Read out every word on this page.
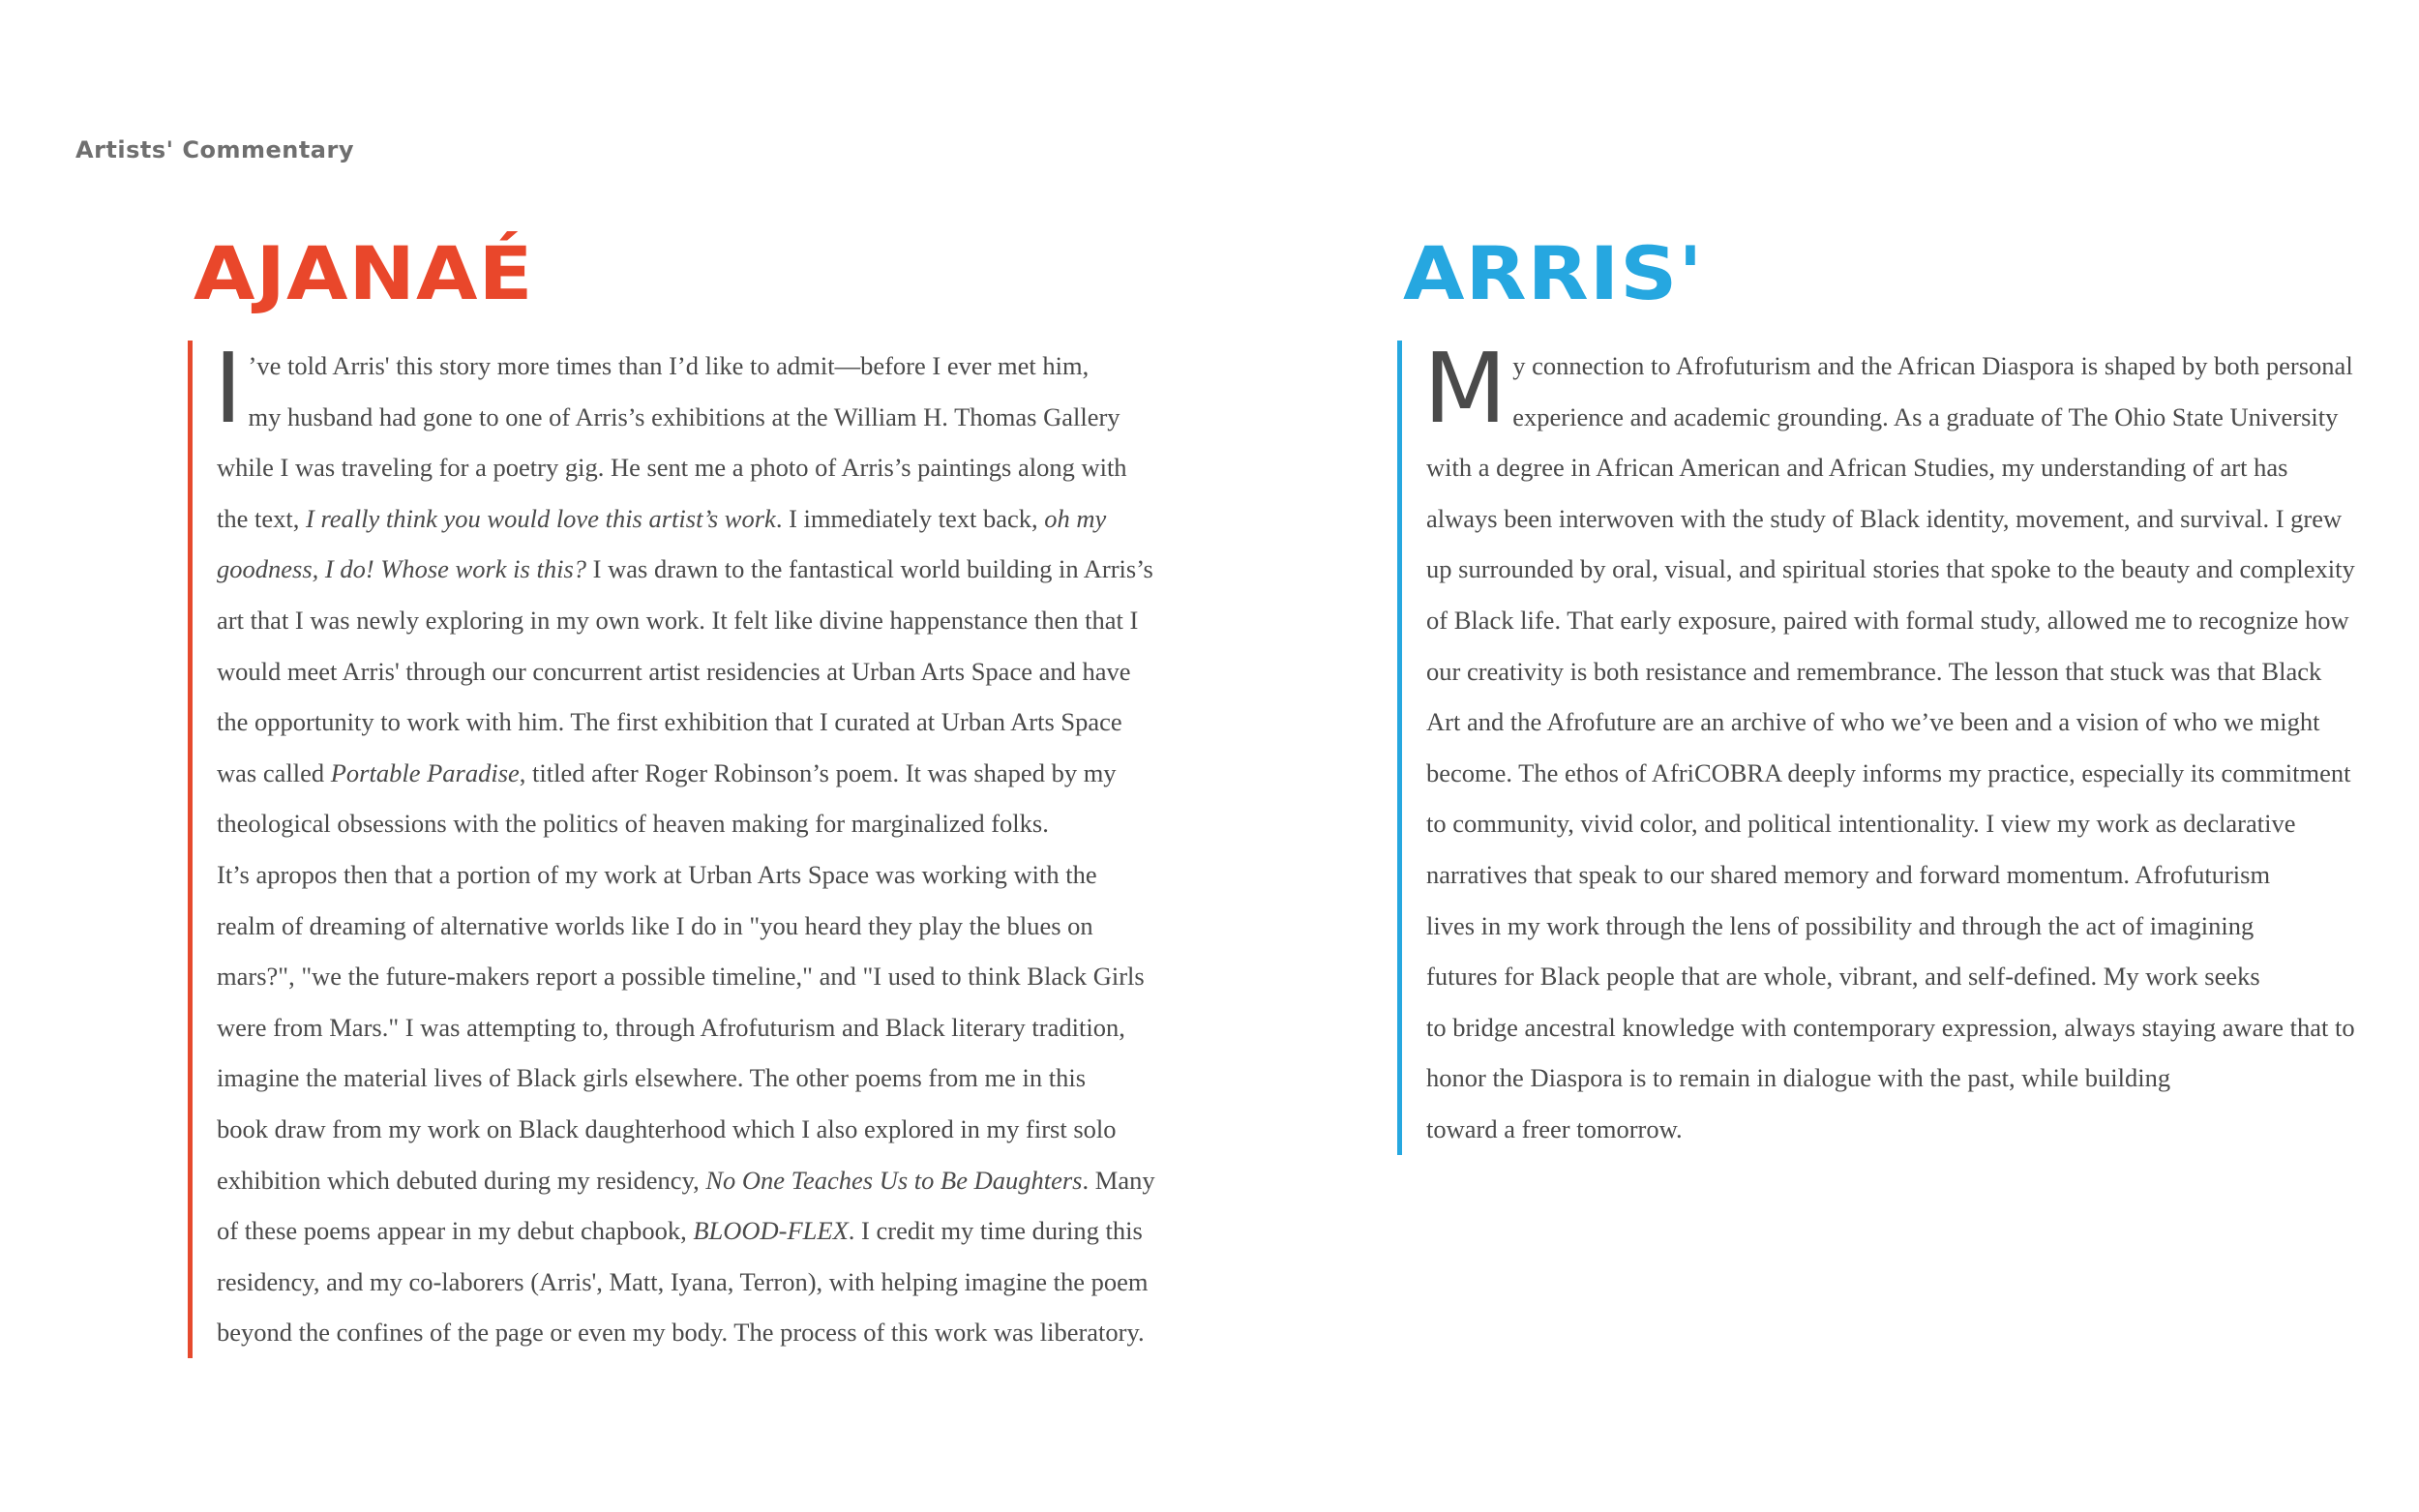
Artists' Commentary
AJANAÉ
I ’ve told Arris' this story more times than I’d like to admit—before I ever met him,
my husband had gone to one of Arris’s exhibitions at the William H. Thomas Gallery
while I was traveling for a poetry gig. He sent me a photo of Arris’s paintings along with
the text, I really think you would love this artist’s work. I immediately text back, oh my
goodness, I do! Whose work is this? I was drawn to the fantastical world building in Arris’s
art that I was newly exploring in my own work. It felt like divine happenstance then that I
would meet Arris' through our concurrent artist residencies at Urban Arts Space and have
the opportunity to work with him. The first exhibition that I curated at Urban Arts Space
was called Portable Paradise, titled after Roger Robinson’s poem. It was shaped by my
theological obsessions with the politics of heaven making for marginalized folks.
It’s apropos then that a portion of my work at Urban Arts Space was working with the
realm of dreaming of alternative worlds like I do in "you heard they play the blues on
mars?", "we the future-makers report a possible timeline," and "I used to think Black Girls
were from Mars." I was attempting to, through Afrofuturism and Black literary tradition,
imagine the material lives of Black girls elsewhere. The other poems from me in this
book draw from my work on Black daughterhood which I also explored in my first solo
exhibition which debuted during my residency, No One Teaches Us to Be Daughters. Many
of these poems appear in my debut chapbook, BLOOD-FLEX. I credit my time during this
residency, and my co-laborers (Arris', Matt, Iyana, Terron), with helping imagine the poem
beyond the confines of the page or even my body. The process of this work was liberatory.
ARRIS'
M y connection to Afrofuturism and the African Diaspora is shaped by both personal
experience and academic grounding. As a graduate of The Ohio State University
with a degree in African American and African Studies, my understanding of art has
always been interwoven with the study of Black identity, movement, and survival. I grew
up surrounded by oral, visual, and spiritual stories that spoke to the beauty and complexity
of Black life. That early exposure, paired with formal study, allowed me to recognize how
our creativity is both resistance and remembrance. The lesson that stuck was that Black
Art and the Afrofuture are an archive of who we’ve been and a vision of who we might
become. The ethos of AfriCOBRA deeply informs my practice, especially its commitment
to community, vivid color, and political intentionality. I view my work as declarative
narratives that speak to our shared memory and forward momentum. Afrofuturism
lives in my work through the lens of possibility and through the act of imagining
futures for Black people that are whole, vibrant, and self-defined. My work seeks
to bridge ancestral knowledge with contemporary expression, always staying aware that to
honor the Diaspora is to remain in dialogue with the past, while building
toward a freer tomorrow.
